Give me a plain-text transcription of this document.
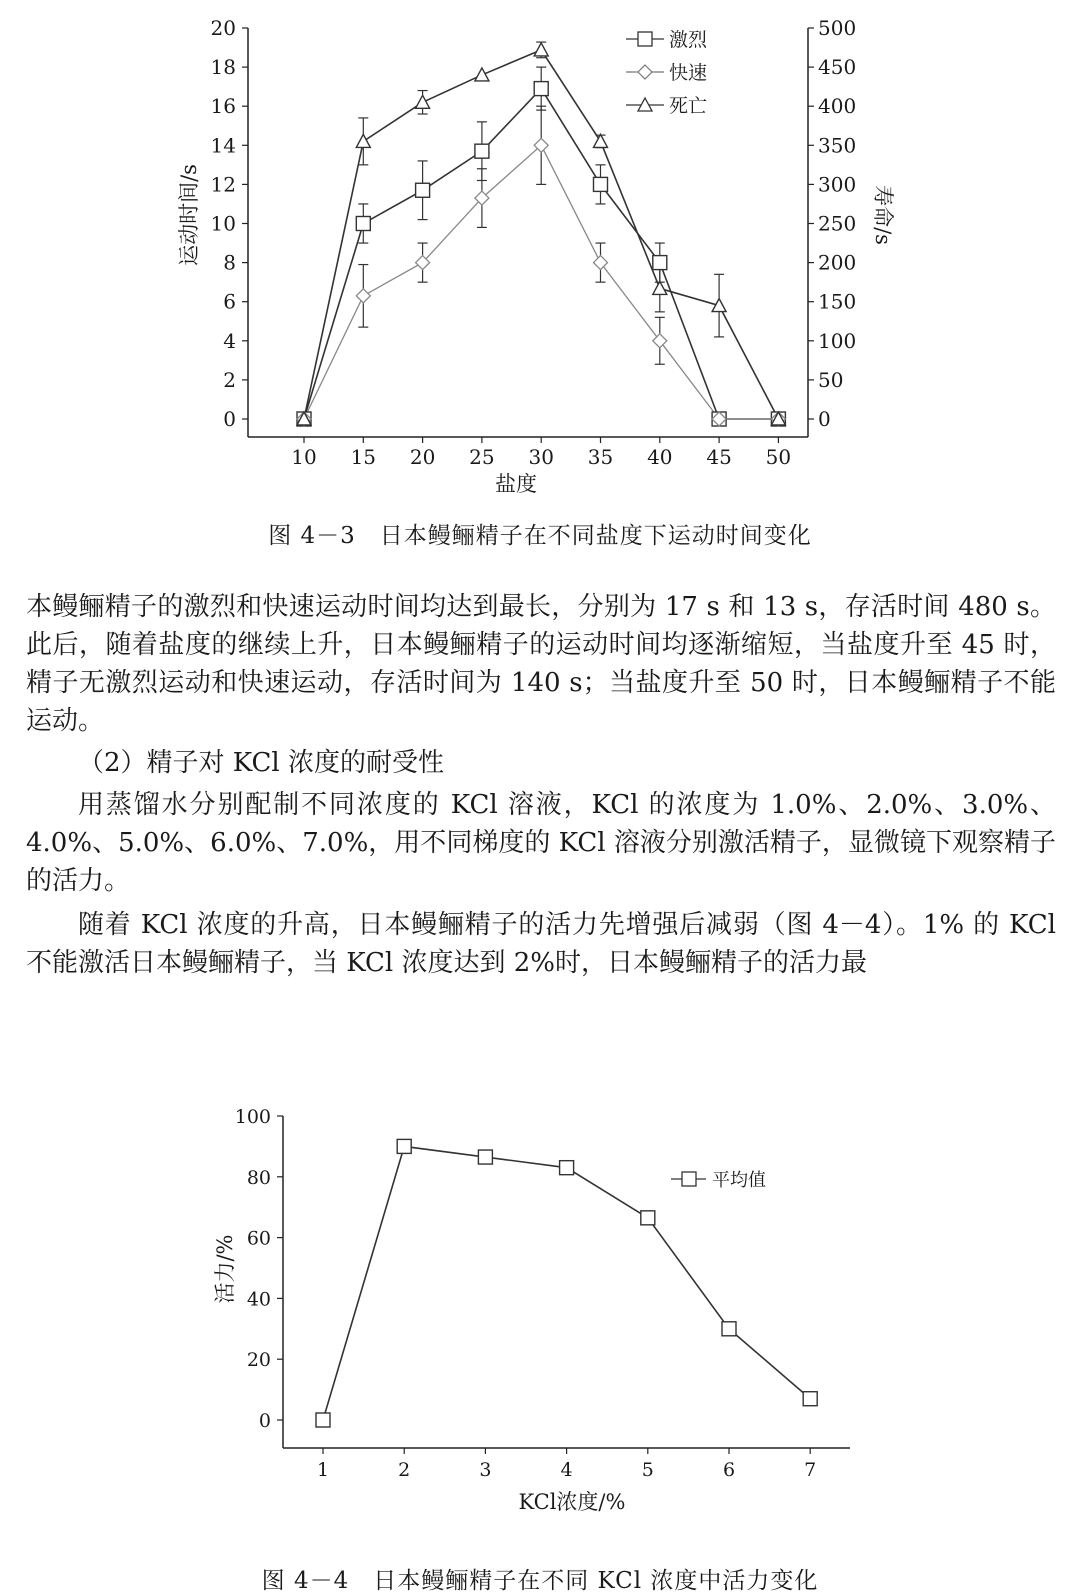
0
2
4
6
8
10
12
14
16
18
20
0
50
100
150
200
250
300
350
400
450
500
10 15 20 25 30 35 40 45 50
运动时间/s	寿命/s
盐度
激烈
快速
死亡
图 4－3　日本鳗鲡精子在不同盐度下运动时间变化

本鳗鲡精子的激烈和快速运动时间均达到最长，分别为 17 s 和 13 s，存活时间 480 s。此后，随着盐度的继续上升，日本鳗鲡精子的运动时间均逐渐缩短，当盐度升至 45 时，精子无激烈运动和快速运动，存活时间为 140 s；当盐度升至 50 时，日本鳗鲡精子不能运动。

（2）精子对 KCl 浓度的耐受性

用蒸馏水分别配制不同浓度的 KCl 溶液，KCl 的浓度为 1.0%、2.0%、3.0%、4.0%、5.0%、6.0%、7.0%，用不同梯度的 KCl 溶液分别激活精子，显微镜下观察精子的活力。

随着 KCl 浓度的升高，日本鳗鲡精子的活力先增强后减弱（图 4－4）。1% 的 KCl 不能激活日本鳗鲡精子，当 KCl 浓度达到 2%时，日本鳗鲡精子的活力最

0
20
40
60
80
100
1	2	3	4	5	6	7
活力/%
KCl浓度/%
平均值
图 4－4　日本鳗鲡精子在不同 KCl 浓度中活力变化
